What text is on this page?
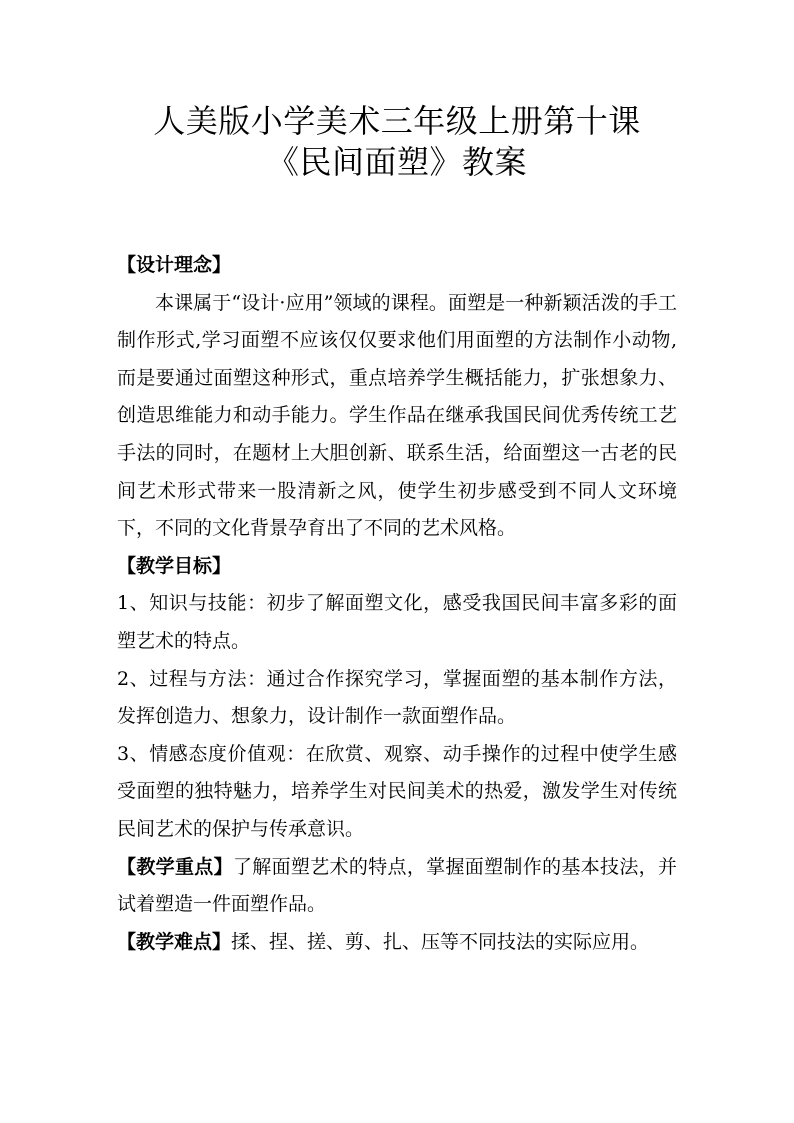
人美版小学美术三年级上册第十课
《民间面塑》教案

【设计理念】

本课属于“设计·应用”领域的课程。面塑是一种新颖活泼的手工制作形式,学习面塑不应该仅仅要求他们用面塑的方法制作小动物,而是要通过面塑这种形式，重点培养学生概括能力，扩张想象力、创造思维能力和动手能力。学生作品在继承我国民间优秀传统工艺手法的同时，在题材上大胆创新、联系生活，给面塑这一古老的民间艺术形式带来一股清新之风，使学生初步感受到不同人文环境下，不同的文化背景孕育出了不同的艺术风格。

【教学目标】

1、知识与技能：初步了解面塑文化，感受我国民间丰富多彩的面塑艺术的特点。

2、过程与方法：通过合作探究学习，掌握面塑的基本制作方法，发挥创造力、想象力，设计制作一款面塑作品。

3、情感态度价值观：在欣赏、观察、动手操作的过程中使学生感受面塑的独特魅力，培养学生对民间美术的热爱，激发学生对传统民间艺术的保护与传承意识。

【教学重点】了解面塑艺术的特点，掌握面塑制作的基本技法，并试着塑造一件面塑作品。

【教学难点】揉、捏、搓、剪、扎、压等不同技法的实际应用。
